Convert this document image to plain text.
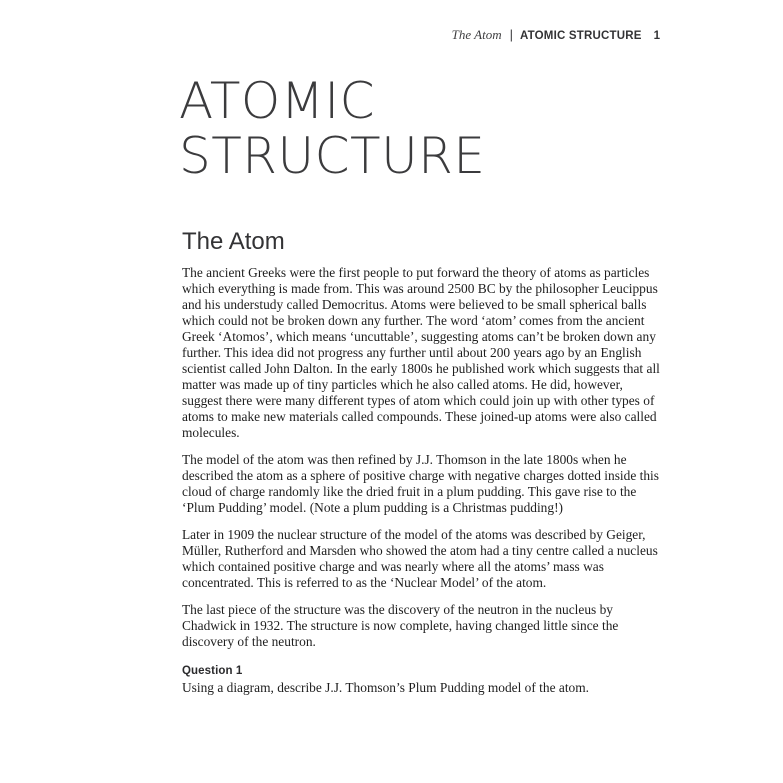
The Atom | ATOMIC STRUCTURE 1
ATOMIC
STRUCTURE
The Atom

The ancient Greeks were the first people to put forward the theory of atoms as particles which everything is made from. This was around 2500 BC by the philosopher Leucippus and his understudy called Democritus. Atoms were believed to be small spherical balls which could not be broken down any further. The word ‘atom’ comes from the ancient Greek ‘Atomos’, which means ‘uncuttable’, suggesting atoms can’t be broken down any further. This idea did not progress any further until about 200 years ago by an English scientist called John Dalton. In the early 1800s he published work which suggests that all matter was made up of tiny particles which he also called atoms. He did, however, suggest there were many different types of atom which could join up with other types of atoms to make new materials called compounds. These joined-up atoms were also called molecules.

The model of the atom was then refined by J.J. Thomson in the late 1800s when he described the atom as a sphere of positive charge with negative charges dotted inside this cloud of charge randomly like the dried fruit in a plum pudding. This gave rise to the ‘Plum Pudding’ model. (Note a plum pudding is a Christmas pudding!)

Later in 1909 the nuclear structure of the model of the atoms was described by Geiger, Müller, Rutherford and Marsden who showed the atom had a tiny centre called a nucleus which contained positive charge and was nearly where all the atoms’ mass was concentrated. This is referred to as the ‘Nuclear Model’ of the atom.

The last piece of the structure was the discovery of the neutron in the nucleus by Chadwick in 1932. The structure is now complete, having changed little since the discovery of the neutron.

Question 1
Using a diagram, describe J.J. Thomson’s Plum Pudding model of the atom.
